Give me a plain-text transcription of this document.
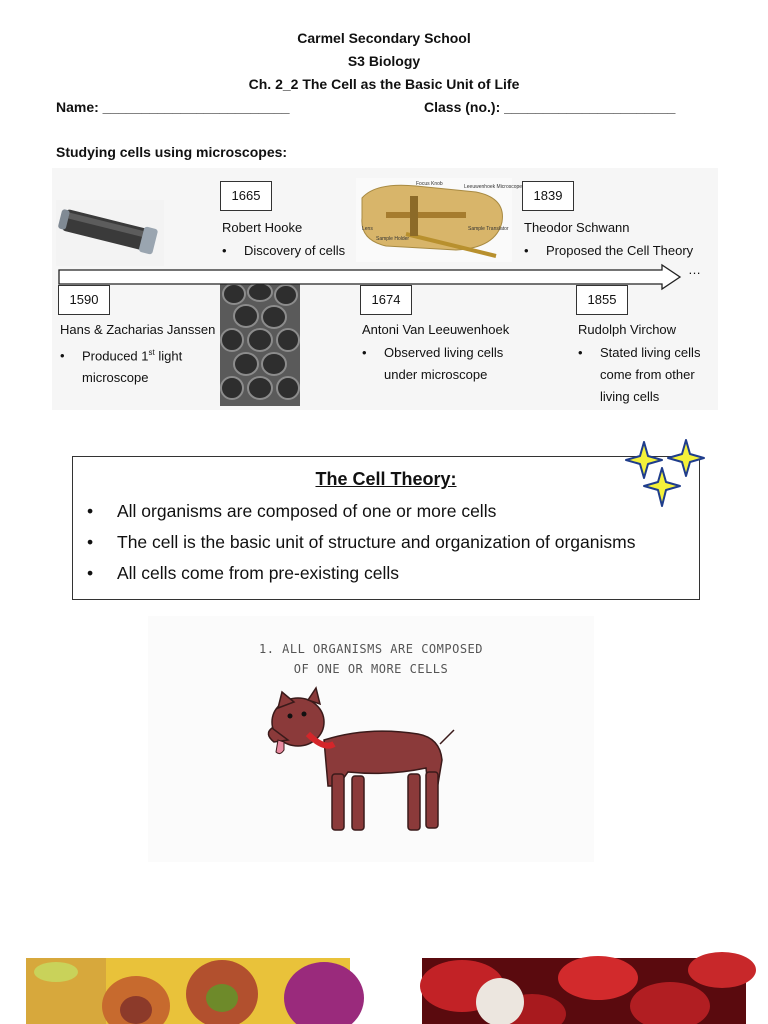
Carmel Secondary School
S3 Biology
Ch. 2_2 The Cell as the Basic Unit of Life
Name: ________________________	Class (no.): ______________________
Studying cells using microscopes:
Focus Knob	Leeuwenhoek Microscope
Lens
Sample Holder
Sample Translator
…
1665
Robert Hooke
• Discovery of cells
1839
Theodor Schwann
• Proposed the Cell Theory
1590
Hans & Zacharias Janssen
• Produced 1st light
microscope
1674
Antoni Van Leeuwenhoek
• Observed living cells
under microscope
1855
Rudolph Virchow
• Stated living cells
come from other
living cells
The Cell Theory:
• All organisms are composed of one or more cells
• The cell is the basic unit of structure and organization of organisms
• All cells come from pre-existing cells
1. ALL ORGANISMS ARE COMPOSED
OF ONE OR MORE CELLS
